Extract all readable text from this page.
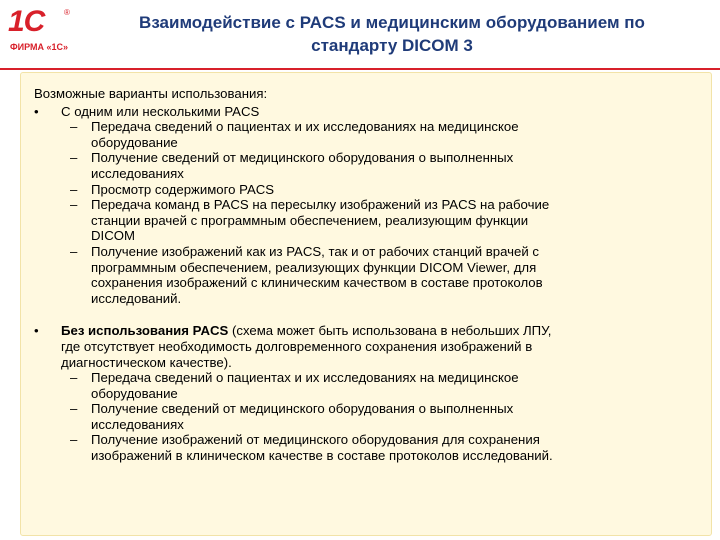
1С ®
ФИРМА «1С»
Взаимодействие с PACS и медицинским оборудованием по
стандарту DICOM 3
Возможные варианты использования:
• С одним или несколькими PACS
– Передача сведений о пациентах и их исследованиях на медицинское
оборудование
– Получение сведений от медицинского оборудования о выполненных
исследованиях
– Просмотр содержимого PACS
– Передача команд в PACS на пересылку изображений из PACS на рабочие
станции врачей с программным обеспечением, реализующим функции
DICOM
– Получение изображений как из PACS, так и от рабочих станций врачей с
программным обеспечением, реализующих функции DICOM Viewer, для
сохранения изображений с клиническим качеством в составе протоколов
исследований.
• Без использования PACS (схема может быть использована в небольших ЛПУ,
где отсутствует необходимость долговременного сохранения изображений в
диагностическом качестве).
– Передача сведений о пациентах и их исследованиях на медицинское
оборудование
– Получение сведений от медицинского оборудования о выполненных
исследованиях
– Получение изображений от медицинского оборудования для сохранения
изображений в клиническом качестве в составе протоколов исследований.
